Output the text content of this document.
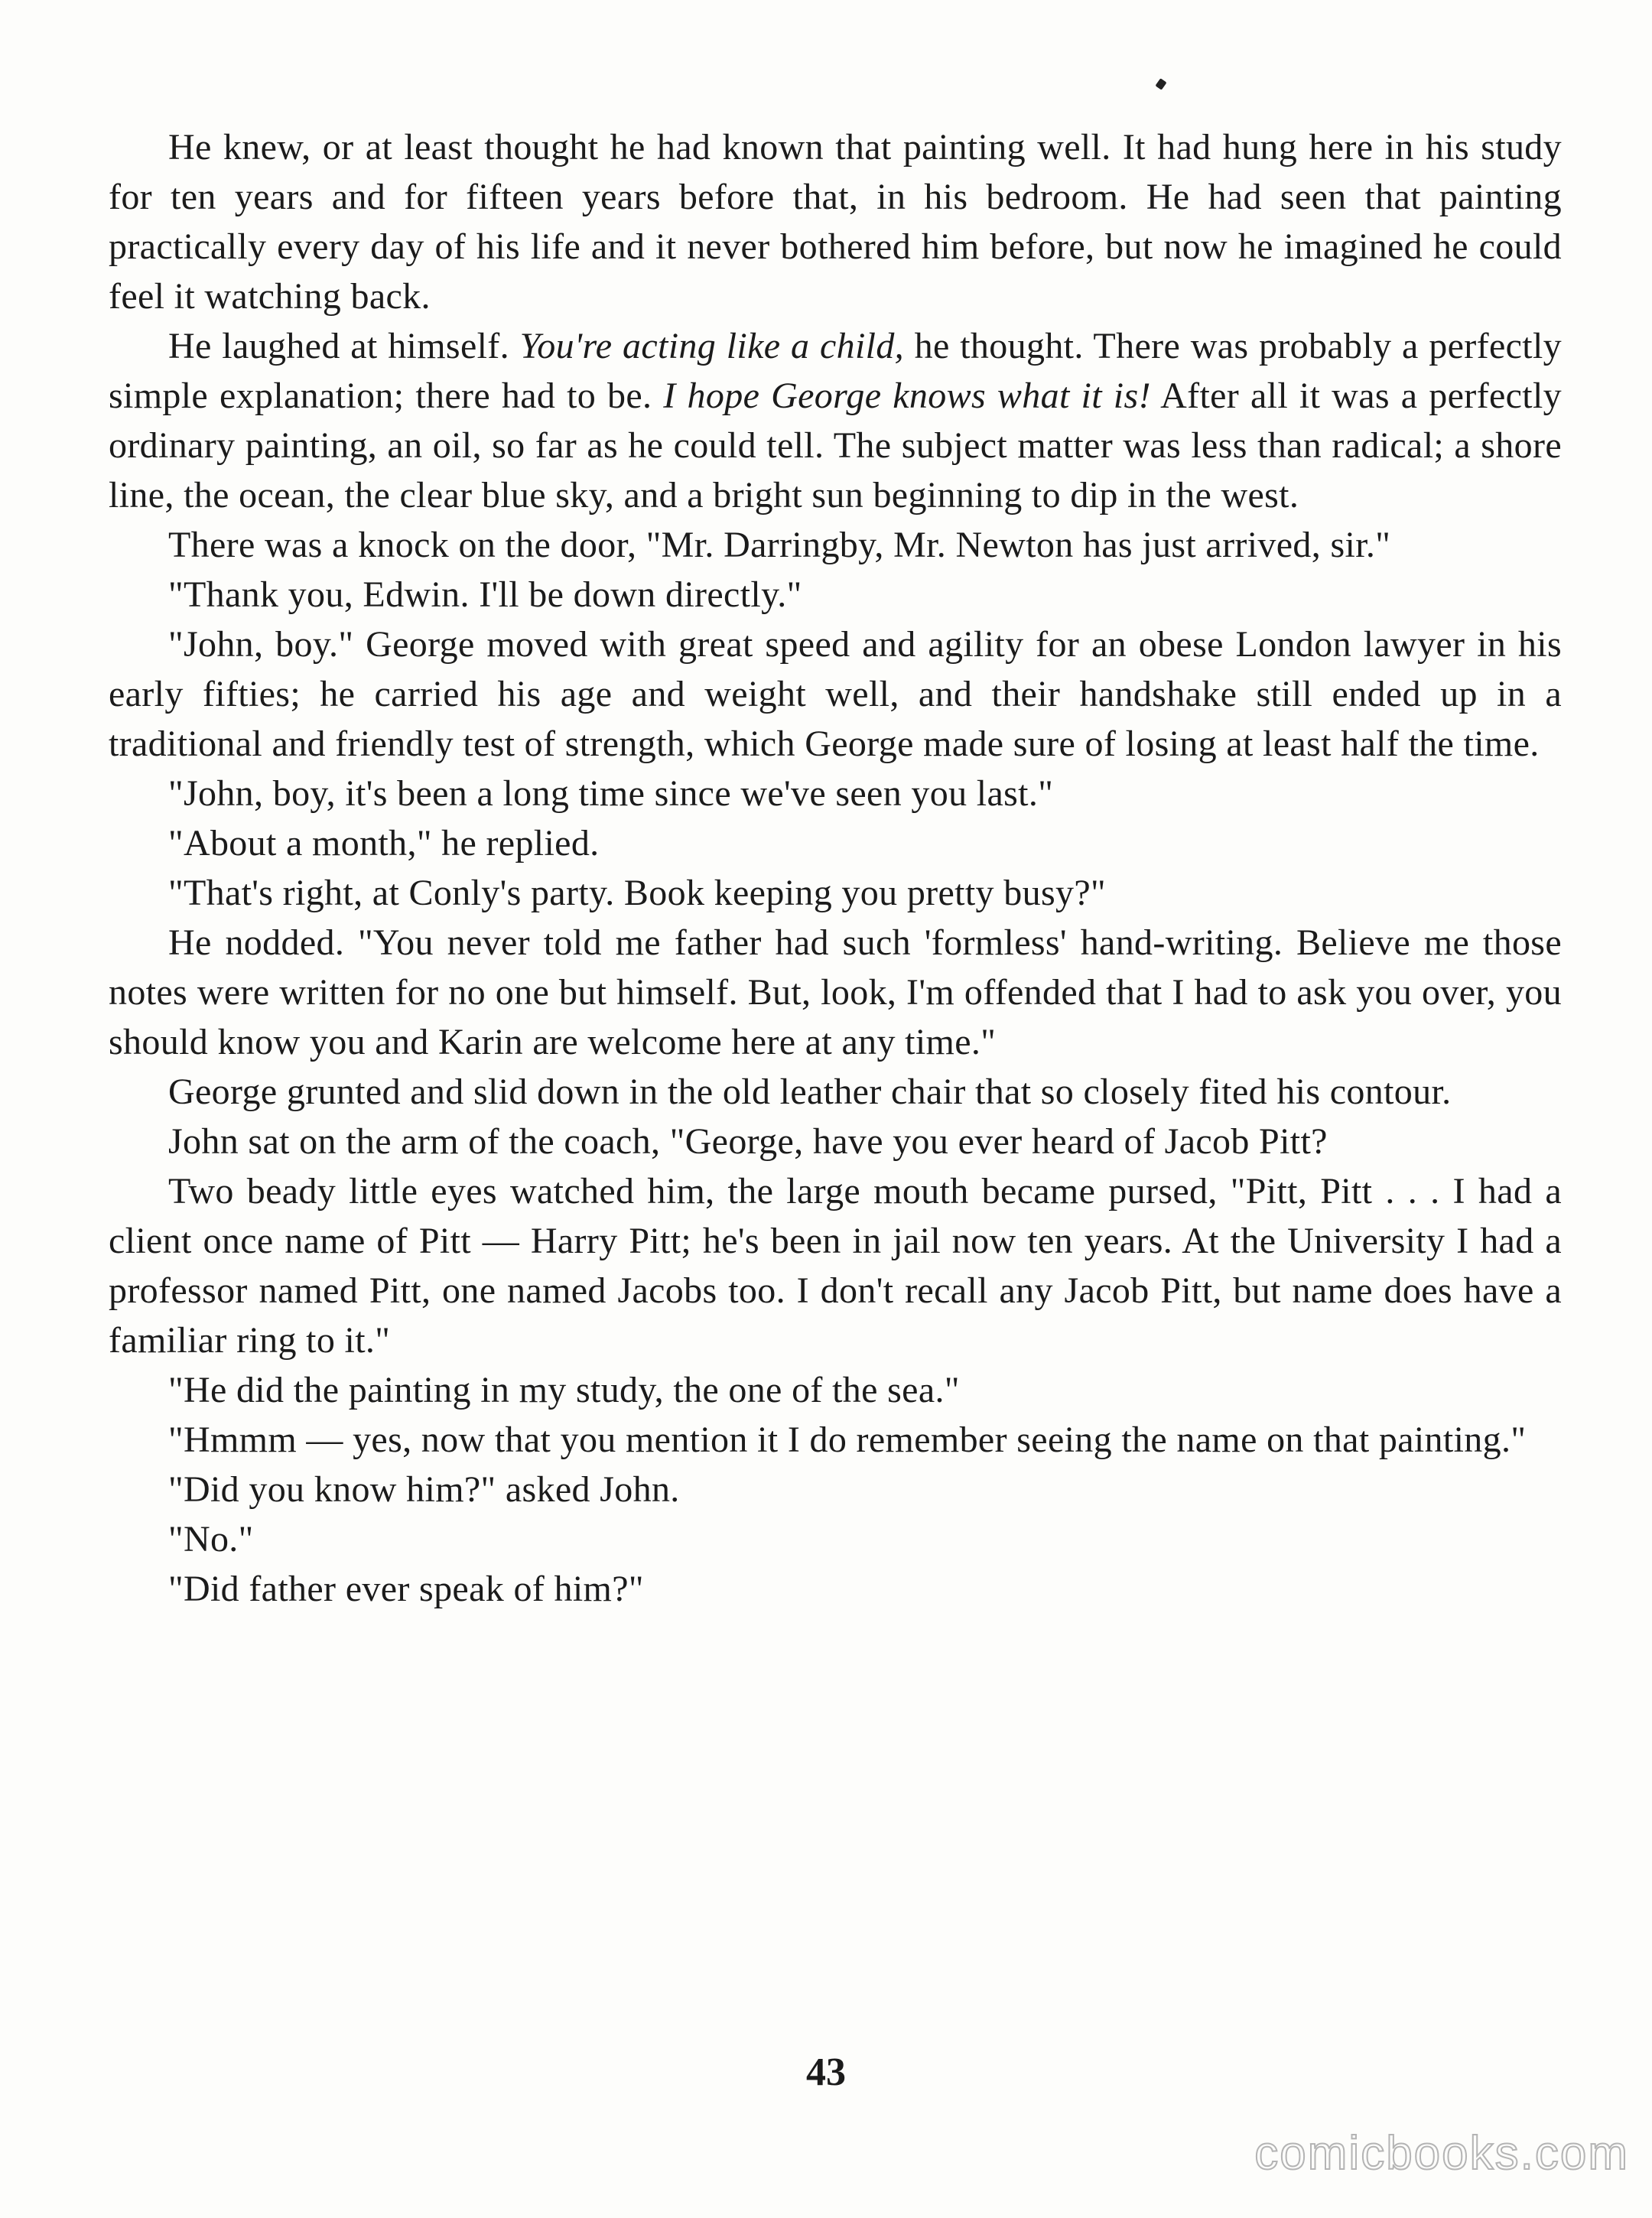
He knew, or at least thought he had known that painting well. It had hung here in his study for ten years and for fifteen years before that, in his bedroom. He had seen that painting practically every day of his life and it never bothered him before, but now he imagined he could feel it watching back.

He laughed at himself. You're acting like a child, he thought. There was probably a perfectly simple explanation; there had to be. I hope George knows what it is! After all it was a perfectly ordinary painting, an oil, so far as he could tell. The subject matter was less than radical; a shore line, the ocean, the clear blue sky, and a bright sun beginning to dip in the west.

There was a knock on the door, "Mr. Darringby, Mr. Newton has just arrived, sir."

"Thank you, Edwin. I'll be down directly."

"John, boy." George moved with great speed and agility for an obese London lawyer in his early fifties; he carried his age and weight well, and their handshake still ended up in a traditional and friendly test of strength, which George made sure of losing at least half the time.

"John, boy, it's been a long time since we've seen you last."

"About a month," he replied.

"That's right, at Conly's party. Book keeping you pretty busy?"

He nodded. "You never told me father had such 'formless' hand-writing. Believe me those notes were written for no one but himself. But, look, I'm offended that I had to ask you over, you should know you and Karin are welcome here at any time."

George grunted and slid down in the old leather chair that so closely fited his contour.

John sat on the arm of the coach, "George, have you ever heard of Jacob Pitt?

Two beady little eyes watched him, the large mouth became pursed, "Pitt, Pitt . . . I had a client once name of Pitt — Harry Pitt; he's been in jail now ten years. At the University I had a professor named Pitt, one named Jacobs too. I don't recall any Jacob Pitt, but name does have a familiar ring to it."

"He did the painting in my study, the one of the sea."

"Hmmm — yes, now that you mention it I do remember seeing the name on that painting."

"Did you know him?" asked John.

"No."

"Did father ever speak of him?"

43
comicbooks.com
